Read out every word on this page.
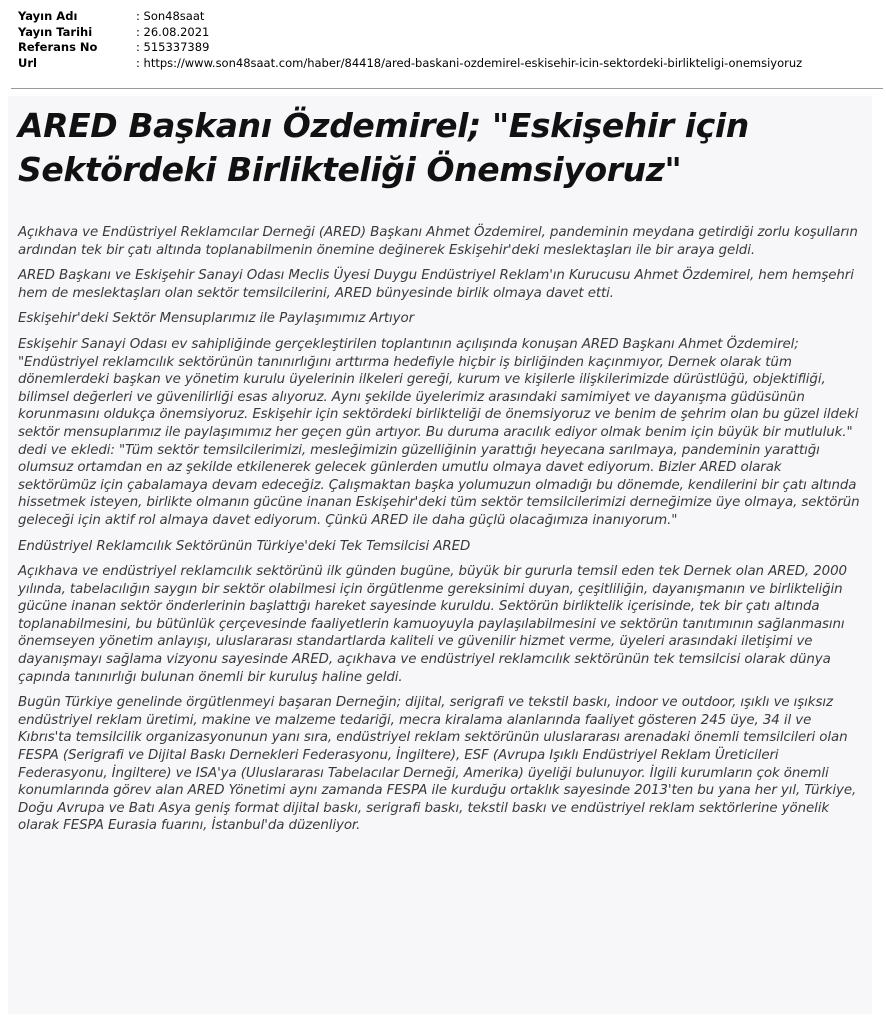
Yayın Adı	: Son48saat
Yayın Tarihi	: 26.08.2021
Referans No	: 515337389
Url	: https://www.son48saat.com/haber/84418/ared-baskani-ozdemirel-eskisehir-icin-sektordeki-birlikteligi-onemsiyoruz
ARED Başkanı Özdemirel; "Eskişehir için Sektördeki Birlikteliği Önemsiyoruz"

Açıkhava ve Endüstriyel Reklamcılar Derneği (ARED) Başkanı Ahmet Özdemirel, pandeminin meydana getirdiği zorlu koşulların ardından tek bir çatı altında toplanabilmenin önemine değinerek Eskişehir'deki meslektaşları ile bir araya geldi.

ARED Başkanı ve Eskişehir Sanayi Odası Meclis Üyesi Duygu Endüstriyel Reklam'ın Kurucusu Ahmet Özdemirel, hem hemşehri hem de meslektaşları olan sektör temsilcilerini, ARED bünyesinde birlik olmaya davet etti.

Eskişehir'deki Sektör Mensuplarımız ile Paylaşımımız Artıyor

Eskişehir Sanayi Odası ev sahipliğinde gerçekleştirilen toplantının açılışında konuşan ARED Başkanı Ahmet Özdemirel; "Endüstriyel reklamcılık sektörünün tanınırlığını arttırma hedefiyle hiçbir iş birliğinden kaçınmıyor, Dernek olarak tüm dönemlerdeki başkan ve yönetim kurulu üyelerinin ilkeleri gereği, kurum ve kişilerle ilişkilerimizde dürüstlüğü, objektifliği, bilimsel değerleri ve güvenilirliği esas alıyoruz. Aynı şekilde üyelerimiz arasındaki samimiyet ve dayanışma güdüsünün korunmasını oldukça önemsiyoruz. Eskişehir için sektördeki birlikteliği de önemsiyoruz ve benim de şehrim olan bu güzel ildeki sektör mensuplarımız ile paylaşımımız her geçen gün artıyor. Bu duruma aracılık ediyor olmak benim için büyük bir mutluluk." dedi ve ekledi: "Tüm sektör temsilcilerimizi, mesleğimizin güzelliğinin yarattığı heyecana sarılmaya, pandeminin yarattığı olumsuz ortamdan en az şekilde etkilenerek gelecek günlerden umutlu olmaya davet ediyorum. Bizler ARED olarak sektörümüz için çabalamaya devam edeceğiz. Çalışmaktan başka yolumuzun olmadığı bu dönemde, kendilerini bir çatı altında hissetmek isteyen, birlikte olmanın gücüne inanan Eskişehir'deki tüm sektör temsilcilerimizi derneğimize üye olmaya, sektörün geleceği için aktif rol almaya davet ediyorum. Çünkü ARED ile daha güçlü olacağımıza inanıyorum."

Endüstriyel Reklamcılık Sektörünün Türkiye'deki Tek Temsilcisi ARED

Açıkhava ve endüstriyel reklamcılık sektörünü ilk günden bugüne, büyük bir gururla temsil eden tek Dernek olan ARED, 2000 yılında, tabelacılığın saygın bir sektör olabilmesi için örgütlenme gereksinimi duyan, çeşitliliğin, dayanışmanın ve birlikteliğin gücüne inanan sektör önderlerinin başlattığı hareket sayesinde kuruldu. Sektörün birliktelik içerisinde, tek bir çatı altında toplanabilmesini, bu bütünlük çerçevesinde faaliyetlerin kamuoyuyla paylaşılabilmesini ve sektörün tanıtımının sağlanmasını önemseyen yönetim anlayışı, uluslararası standartlarda kaliteli ve güvenilir hizmet verme, üyeleri arasındaki iletişimi ve dayanışmayı sağlama vizyonu sayesinde ARED, açıkhava ve endüstriyel reklamcılık sektörünün tek temsilcisi olarak dünya çapında tanınırlığı bulunan önemli bir kuruluş haline geldi.

Bugün Türkiye genelinde örgütlenmeyi başaran Derneğin; dijital, serigrafi ve tekstil baskı, indoor ve outdoor, ışıklı ve ışıksız endüstriyel reklam üretimi, makine ve malzeme tedariği, mecra kiralama alanlarında faaliyet gösteren 245 üye, 34 il ve Kıbrıs'ta temsilcilik organizasyonunun yanı sıra, endüstriyel reklam sektörünün uluslararası arenadaki önemli temsilcileri olan FESPA (Serigrafi ve Dijital Baskı Dernekleri Federasyonu, İngiltere), ESF (Avrupa Işıklı Endüstriyel Reklam Üreticileri Federasyonu, İngiltere) ve ISA'ya (Uluslararası Tabelacılar Derneği, Amerika) üyeliği bulunuyor. İlgili kurumların çok önemli konumlarında görev alan ARED Yönetimi aynı zamanda FESPA ile kurduğu ortaklık sayesinde 2013'ten bu yana her yıl, Türkiye, Doğu Avrupa ve Batı Asya geniş format dijital baskı, serigrafi baskı, tekstil baskı ve endüstriyel reklam sektörlerine yönelik olarak FESPA Eurasia fuarını, İstanbul'da düzenliyor.
